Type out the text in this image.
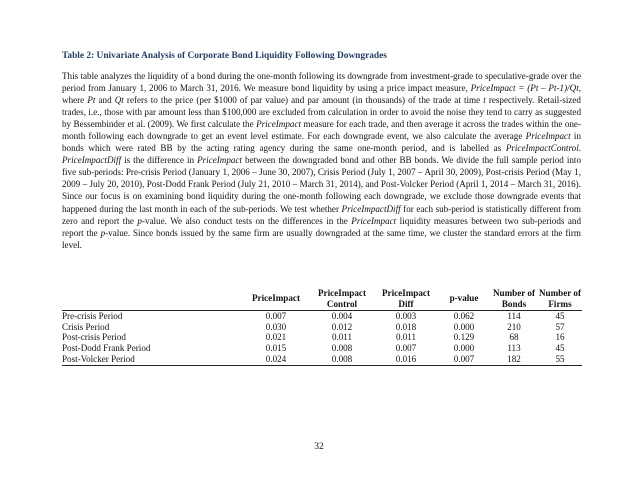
Table 2: Univariate Analysis of Corporate Bond Liquidity Following Downgrades

This table analyzes the liquidity of a bond during the one-month following its downgrade from investment-grade to speculative-grade over the period from January 1, 2006 to March 31, 2016. We measure bond liquidity by using a price impact measure, PriceImpact = (Pt – Pt-1)/Qt, where Pt and Qt refers to the price (per $1000 of par value) and par amount (in thousands) of the trade at time t respectively. Retail-sized trades, i.e., those with par amount less than $100,000 are excluded from calculation in order to avoid the noise they tend to carry as suggested by Bessembinder et al. (2009). We first calculate the PriceImpact measure for each trade, and then average it across the trades within the one-month following each downgrade to get an event level estimate. For each downgrade event, we also calculate the average PriceImpact in bonds which were rated BB by the acting rating agency during the same one-month period, and is labelled as PriceImpactControl. PriceImpactDiff is the difference in PriceImpact between the downgraded bond and other BB bonds. We divide the full sample period into five sub-periods: Pre-crisis Period (January 1, 2006 – June 30, 2007), Crisis Period (July 1, 2007 – April 30, 2009), Post-crisis Period (May 1, 2009 – July 20, 2010), Post-Dodd Frank Period (July 21, 2010 – March 31, 2014), and Post-Volcker Period (April 1, 2014 – March 31, 2016). Since our focus is on examining bond liquidity during the one-month following each downgrade, we exclude those downgrade events that happened during the last month in each of the sub-periods. We test whether PriceImpactDiff for each sub-period is statistically different from zero and report the p-value. We also conduct tests on the differences in the PriceImpact liquidity measures between two sub-periods and report the p-value. Since bonds issued by the same firm are usually downgraded at the same time, we cluster the standard errors at the firm level.

	PriceImpact	PriceImpact Control	PriceImpact Diff	p-value	Number of Bonds	Number of Firms
Pre-crisis Period	0.007	0.004	0.003	0.062	114	45
Crisis Period	0.030	0.012	0.018	0.000	210	57
Post-crisis Period	0.021	0.011	0.011	0.129	68	16
Post-Dodd Frank Period	0.015	0.008	0.007	0.000	113	45
Post-Volcker Period	0.024	0.008	0.016	0.007	182	55
32
